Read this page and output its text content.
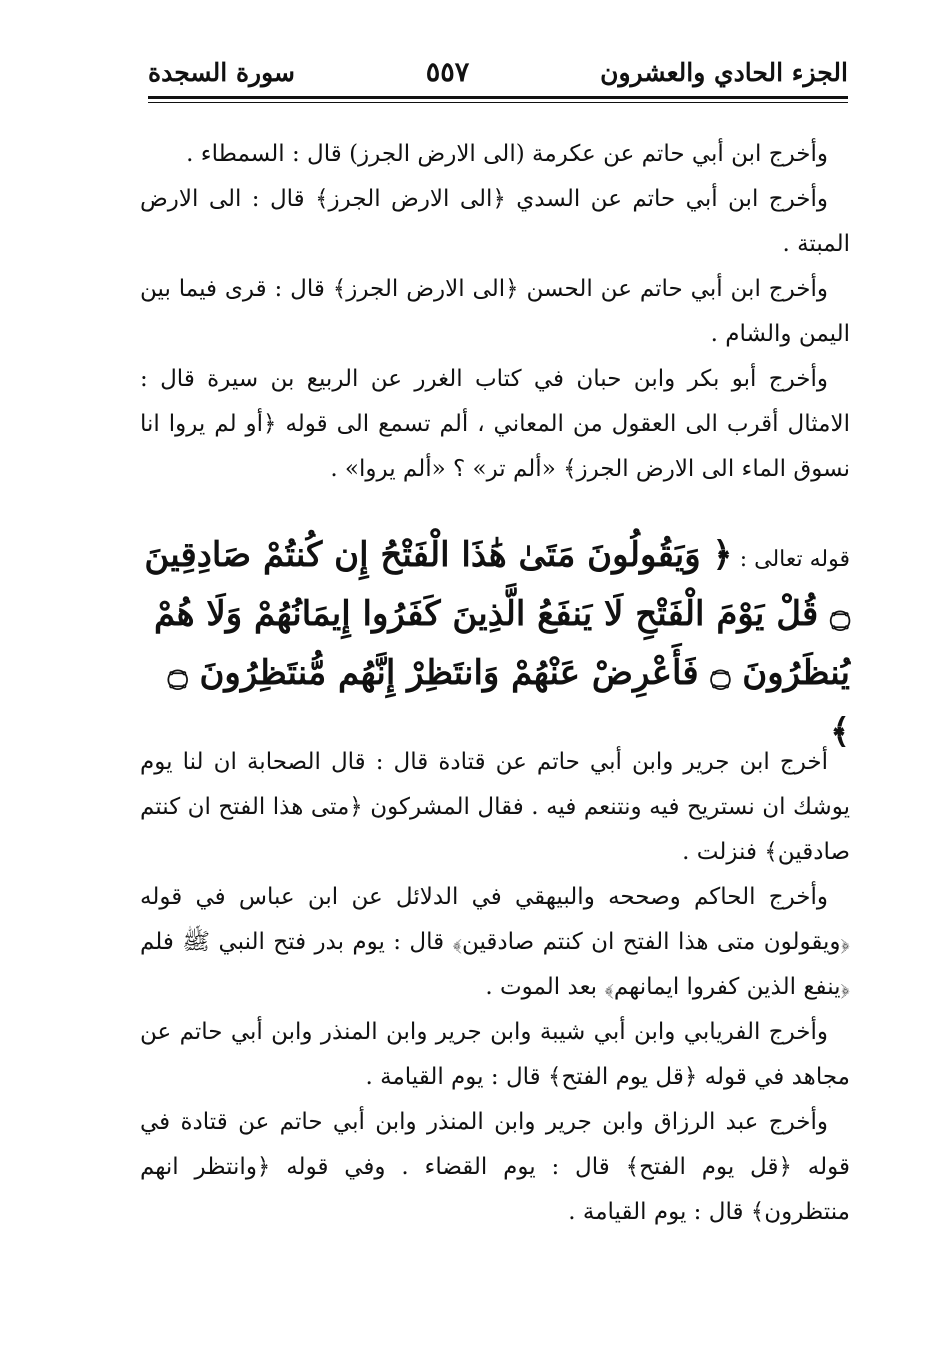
الجزء الحادي والعشرون
٥٥٧
سورة السجدة

وأخرج ابن أبي حاتم عن عكرمة (الى الارض الجرز) قال : السمطاء .

وأخرج ابن أبي حاتم عن السدي ﴿الى الارض الجرز﴾ قال : الى الارض المبتة .

وأخرج ابن أبي حاتم عن الحسن ﴿الى الارض الجرز﴾ قال : قرى فيما بين اليمن والشام .

وأخرج أبو بكر وابن حبان في كتاب الغرر عن الربيع بن سيرة قال : الامثال أقرب الى العقول من المعاني ، ألم تسمع الى قوله ﴿أو لم يروا انا نسوق الماء الى الارض الجرز﴾ «ألم تر» ؟ «ألم يروا» .

قوله تعالى : ﴿ وَيَقُولُونَ مَتَىٰ هَٰذَا الْفَتْحُ إِن كُنتُمْ صَادِقِينَ ۝ قُلْ يَوْمَ الْفَتْحِ لَا يَنفَعُ الَّذِينَ كَفَرُوا إِيمَانُهُمْ وَلَا هُمْ يُنظَرُونَ ۝ فَأَعْرِضْ عَنْهُمْ وَانتَظِرْ إِنَّهُم مُّنتَظِرُونَ ۝ ﴾

أخرج ابن جرير وابن أبي حاتم عن قتادة قال : قال الصحابة ان لنا يوم يوشك ان نستريح فيه ونتنعم فيه . فقال المشركون ﴿متى هذا الفتح ان كنتم صادقين﴾ فنزلت .

وأخرج الحاكم وصححه والبيهقي في الدلائل عن ابن عباس في قوله ﴿ويقولون متى هذا الفتح ان كنتم صادقين﴾ قال : يوم بدر فتح النبي ﷺ فلم ﴿ينفع الذين كفروا ايمانهم﴾ بعد الموت .

وأخرج الفريابي وابن أبي شيبة وابن جرير وابن المنذر وابن أبي حاتم عن مجاهد في قوله ﴿قل يوم الفتح﴾ قال : يوم القيامة .

وأخرج عبد الرزاق وابن جرير وابن المنذر وابن أبي حاتم عن قتادة في قوله ﴿قل يوم الفتح﴾ قال : يوم القضاء . وفي قوله ﴿وانتظر انهم منتظرون﴾ قال : يوم القيامة .
